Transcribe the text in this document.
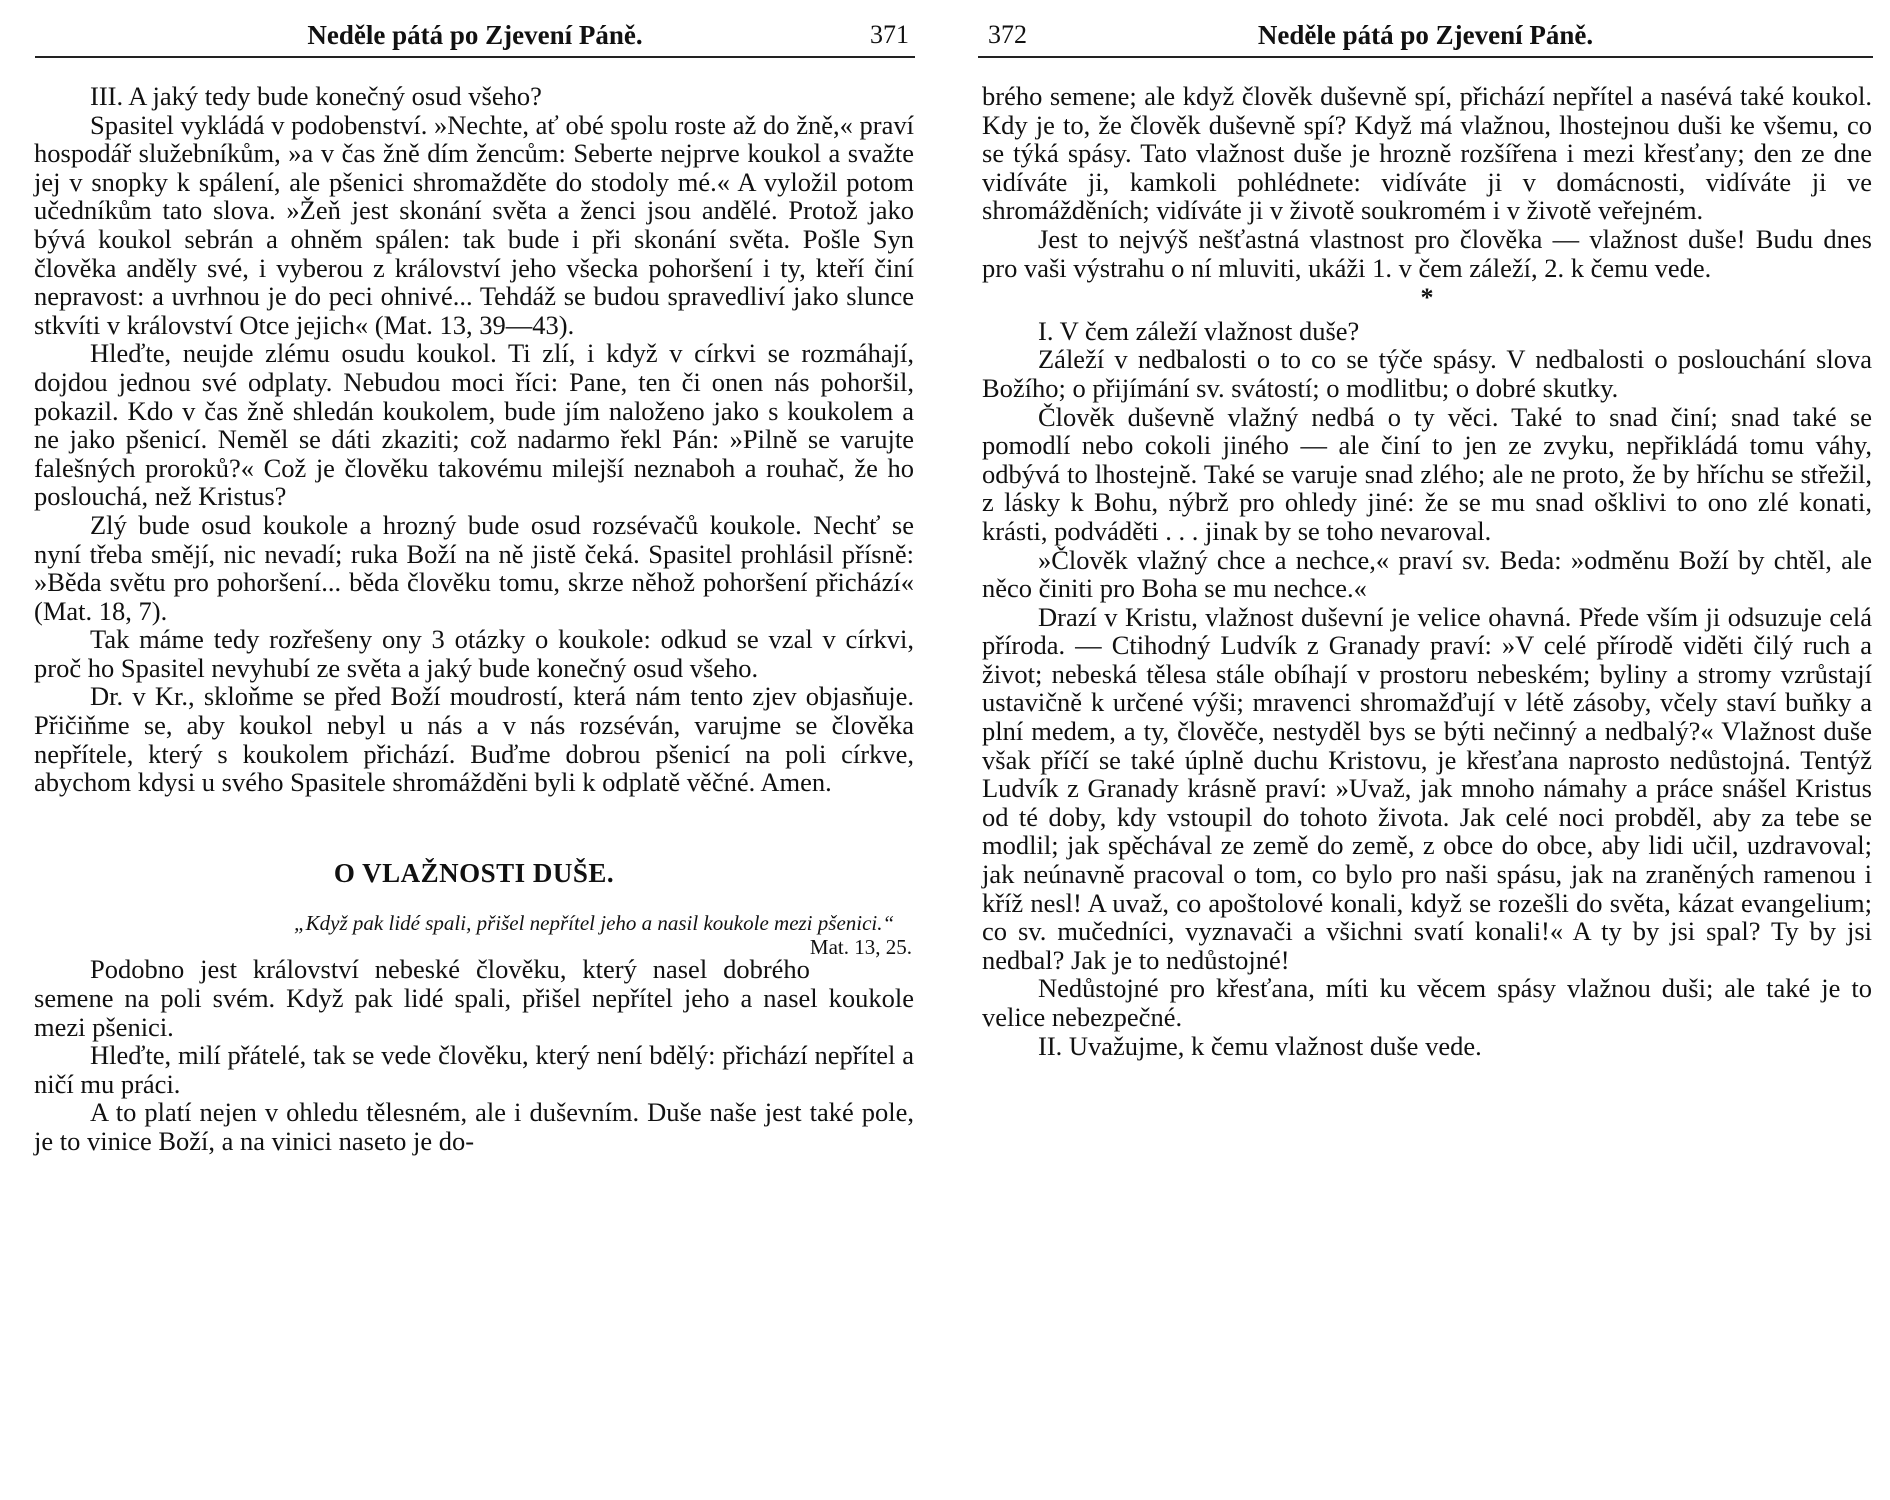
Neděle pátá po Zjevení Páně.	371

III. A jaký tedy bude konečný osud všeho?

Spasitel vykládá v podobenství. »Nechte, ať obé spolu roste až do žně,« praví hospodář služebníkům, »a v čas žně dím žencům: Seberte nejprve koukol a svažte jej v snopky k spálení, ale pšenici shromažděte do stodoly mé.« A vyložil potom učedníkům tato slova. »Žeň jest skonání světa a ženci jsou andělé. Protož jako bývá koukol sebrán a ohněm spálen: tak bude i při skonání světa. Pošle Syn člověka anděly své, i vyberou z království jeho všecka pohoršení i ty, kteří činí nepravost: a uvrhnou je do peci ohnivé... Tehdáž se budou spravedliví jako slunce stkvíti v království Otce jejich« (Mat. 13, 39—43).

Hleďte, neujde zlému osudu koukol. Ti zlí, i když v církvi se rozmáhají, dojdou jednou své odplaty. Nebudou moci říci: Pane, ten či onen nás pohoršil, pokazil. Kdo v čas žně shledán koukolem, bude jím naloženo jako s koukolem a ne jako pšenicí. Neměl se dáti zkaziti; což nadarmo řekl Pán: »Pilně se varujte falešných proroků?« Což je člověku takovému milejší neznaboh a rouhač, že ho poslouchá, než Kristus?

Zlý bude osud koukole a hrozný bude osud rozsévačů koukole. Nechť se nyní třeba smějí, nic nevadí; ruka Boží na ně jistě čeká. Spasitel prohlásil přísně: »Běda světu pro pohoršení... běda člověku tomu, skrze něhož pohoršení přichází« (Mat. 18, 7).

Tak máme tedy rozřešeny ony 3 otázky o koukole: odkud se vzal v církvi, proč ho Spasitel nevyhubí ze světa a jaký bude konečný osud všeho.

Dr. v Kr., skloňme se před Boží moudrostí, která nám tento zjev objasňuje. Přičiňme se, aby koukol nebyl u nás a v nás rozséván, varujme se člověka nepřítele, který s koukolem přichází. Buďme dobrou pšenicí na poli církve, abychom kdysi u svého Spasitele shromážděni byli k odplatě věčné. Amen.

O VLAŽNOSTI DUŠE.
„Když pak lidé spali, přišel nepřítel jeho a nasil koukole mezi pšenici.“
Mat. 13, 25.

Podobno jest království nebeské člověku, který nasel dobrého semene na poli svém. Když pak lidé spali, přišel nepřítel jeho a nasel koukole mezi pšenici.

Hleďte, milí přátelé, tak se vede člověku, který není bdělý: přichází nepřítel a ničí mu práci.

A to platí nejen v ohledu tělesném, ale i duševním. Duše naše jest také pole, je to vinice Boží, a na vinici naseto je do-

372	Neděle pátá po Zjevení Páně.

brého semene; ale když člověk duševně spí, přichází nepřítel a nasévá také koukol. Kdy je to, že člověk duševně spí? Když má vlažnou, lhostejnou duši ke všemu, co se týká spásy. Tato vlažnost duše je hrozně rozšířena i mezi křesťany; den ze dne vidíváte ji, kamkoli pohlédnete: vidíváte ji v domácnosti, vidíváte ji ve shromážděních; vidíváte ji v životě soukromém i v životě veřejném.

Jest to nejvýš nešťastná vlastnost pro člověka — vlažnost duše! Budu dnes pro vaši výstrahu o ní mluviti, ukáži 1. v čem záleží, 2. k čemu vede.

*

I. V čem záleží vlažnost duše?

Záleží v nedbalosti o to co se týče spásy. V nedbalosti o poslouchání slova Božího; o přijímání sv. svátostí; o modlitbu; o dobré skutky.

Člověk duševně vlažný nedbá o ty věci. Také to snad činí; snad také se pomodlí nebo cokoli jiného — ale činí to jen ze zvyku, nepřikládá tomu váhy, odbývá to lhostejně. Také se varuje snad zlého; ale ne proto, že by hříchu se střežil, z lásky k Bohu, nýbrž pro ohledy jiné: že se mu snad ošklivi to ono zlé konati, krásti, podváděti . . . jinak by se toho nevaroval.

»Člověk vlažný chce a nechce,« praví sv. Beda: »odměnu Boží by chtěl, ale něco činiti pro Boha se mu nechce.«

Drazí v Kristu, vlažnost duševní je velice ohavná. Přede vším ji odsuzuje celá příroda. — Ctihodný Ludvík z Granady praví: »V celé přírodě viděti čilý ruch a život; nebeská tělesa stále obíhají v prostoru nebeském; byliny a stromy vzrůstají ustavičně k určené výši; mravenci shromažďují v létě zásoby, včely staví buňky a plní medem, a ty, člověče, nestyděl bys se býti nečinný a nedbalý?« Vlažnost duše však příčí se také úplně duchu Kristovu, je křesťana naprosto nedůstojná. Tentýž Ludvík z Granady krásně praví: »Uvaž, jak mnoho námahy a práce snášel Kristus od té doby, kdy vstoupil do tohoto života. Jak celé noci probděl, aby za tebe se modlil; jak spěchával ze země do země, z obce do obce, aby lidi učil, uzdravoval; jak neúnavně pracoval o tom, co bylo pro naši spásu, jak na zraněných ramenou i kříž nesl! A uvaž, co apoštolové konali, když se rozešli do světa, kázat evangelium; co sv. mučedníci, vyznavači a všichni svatí konali!« A ty by jsi spal? Ty by jsi nedbal? Jak je to nedůstojné!

Nedůstojné pro křesťana, míti ku věcem spásy vlažnou duši; ale také je to velice nebezpečné.

II. Uvažujme, k čemu vlažnost duše vede.
